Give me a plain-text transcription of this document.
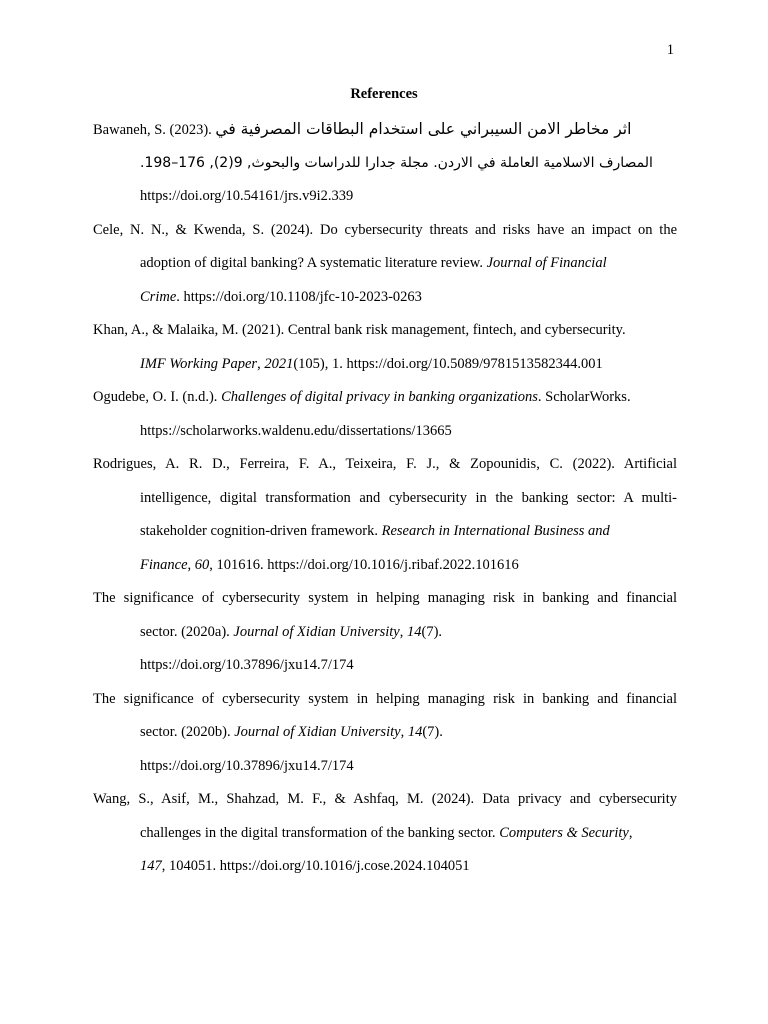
1
References
Bawaneh, S. (2023). اثر مخاطر الامن السيبراني على استخدام البطاقات المصرفية في
المصارف الاسلامية العاملة في الاردن. مجلة جدارا للدراسات والبحوث, 9(2), 176–198.
https://doi.org/10.54161/jrs.v9i2.339
Cele, N. N., & Kwenda, S. (2024). Do cybersecurity threats and risks have an impact on the
adoption of digital banking? A systematic literature review. Journal of Financial
Crime. https://doi.org/10.1108/jfc-10-2023-0263
Khan, A., & Malaika, M. (2021). Central bank risk management, fintech, and cybersecurity.
IMF Working Paper, 2021(105), 1. https://doi.org/10.5089/9781513582344.001
Ogudebe, O. I. (n.d.). Challenges of digital privacy in banking organizations. ScholarWorks.
https://scholarworks.waldenu.edu/dissertations/13665
Rodrigues, A. R. D., Ferreira, F. A., Teixeira, F. J., & Zopounidis, C. (2022). Artificial
intelligence, digital transformation and cybersecurity in the banking sector: A multi-
stakeholder cognition-driven framework. Research in International Business and
Finance, 60, 101616. https://doi.org/10.1016/j.ribaf.2022.101616
The significance of cybersecurity system in helping managing risk in banking and financial
sector. (2020a). Journal of Xidian University, 14(7).
https://doi.org/10.37896/jxu14.7/174
The significance of cybersecurity system in helping managing risk in banking and financial
sector. (2020b). Journal of Xidian University, 14(7).
https://doi.org/10.37896/jxu14.7/174
Wang, S., Asif, M., Shahzad, M. F., & Ashfaq, M. (2024). Data privacy and cybersecurity
challenges in the digital transformation of the banking sector. Computers & Security,
147, 104051. https://doi.org/10.1016/j.cose.2024.104051
